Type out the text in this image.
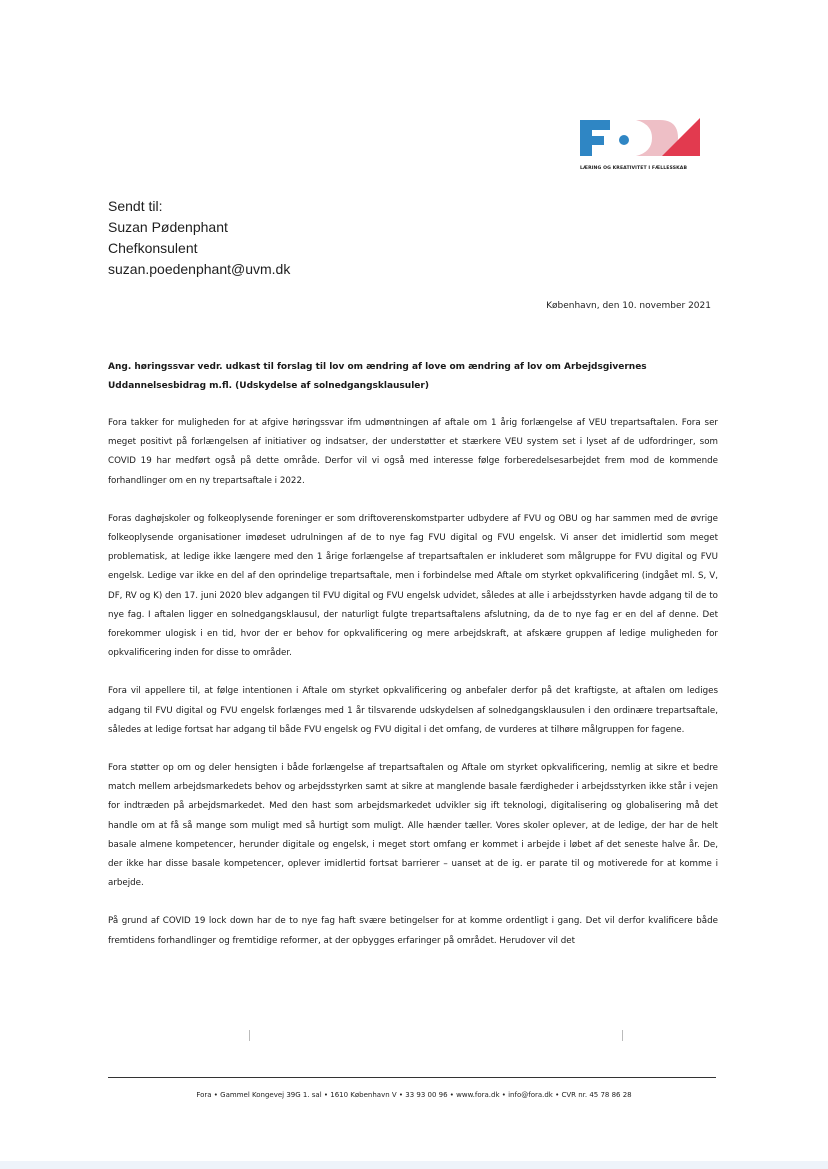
LÆRING OG KREATIVITET I FÆLLESSKAB
Sendt til:
Suzan Pødenphant
Chefkonsulent
suzan.poedenphant@uvm.dk
København, den 10. november 2021

Ang. høringssvar vedr. udkast til forslag til lov om ændring af love om ændring af lov om Arbejdsgivernes Uddannelsesbidrag m.fl. (Udskydelse af solnedgangsklausuler)

Fora takker for muligheden for at afgive høringssvar ifm udmøntningen af aftale om 1 årig forlængelse af VEU trepartsaftalen. Fora ser meget positivt på forlængelsen af initiativer og indsatser, der understøtter et stærkere VEU system set i lyset af de udfordringer, som COVID 19 har medført også på dette område. Derfor vil vi også med interesse følge forberedelsesarbejdet frem mod de kommende forhandlinger om en ny trepartsaftale i 2022.

Foras daghøjskoler og folkeoplysende foreninger er som driftoverenskomstparter udbydere af FVU og OBU og har sammen med de øvrige folkeoplysende organisationer imødeset udrulningen af de to nye fag FVU digital og FVU engelsk. Vi anser det imidlertid som meget problematisk, at ledige ikke længere med den 1 årige forlængelse af trepartsaftalen er inkluderet som målgruppe for FVU digital og FVU engelsk. Ledige var ikke en del af den oprindelige trepartsaftale, men i forbindelse med Aftale om styrket opkvalificering (indgået ml. S, V, DF, RV og K) den 17. juni 2020 blev adgangen til FVU digital og FVU engelsk udvidet, således at alle i arbejdsstyrken havde adgang til de to nye fag. I aftalen ligger en solnedgangsklausul, der naturligt fulgte trepartsaftalens afslutning, da de to nye fag er en del af denne. Det forekommer ulogisk i en tid, hvor der er behov for opkvalificering og mere arbejdskraft, at afskære gruppen af ledige muligheden for opkvalificering inden for disse to områder.

Fora vil appellere til, at følge intentionen i Aftale om styrket opkvalificering og anbefaler derfor på det kraftigste, at aftalen om lediges adgang til FVU digital og FVU engelsk forlænges med 1 år tilsvarende udskydelsen af solnedgangsklausulen i den ordinære trepartsaftale, således at ledige fortsat har adgang til både FVU engelsk og FVU digital i det omfang, de vurderes at tilhøre målgruppen for fagene.

Fora støtter op om og deler hensigten i både forlængelse af trepartsaftalen og Aftale om styrket opkvalificering, nemlig at sikre et bedre match mellem arbejdsmarkedets behov og arbejdsstyrken samt at sikre at manglende basale færdigheder i arbejdsstyrken ikke står i vejen for indtræden på arbejdsmarkedet. Med den hast som arbejdsmarkedet udvikler sig ift teknologi, digitalisering og globalisering må det handle om at få så mange som muligt med så hurtigt som muligt. Alle hænder tæller. Vores skoler oplever, at de ledige, der har de helt basale almene kompetencer, herunder digitale og engelsk, i meget stort omfang er kommet i arbejde i løbet af det seneste halve år. De, der ikke har disse basale kompetencer, oplever imidlertid fortsat barrierer – uanset at de ig. er parate til og motiverede for at komme i arbejde.

På grund af COVID 19 lock down har de to nye fag haft svære betingelser for at komme ordentligt i gang. Det vil derfor kvalificere både fremtidens forhandlinger og fremtidige reformer, at der opbygges erfaringer på området. Herudover vil det

Fora • Gammel Kongevej 39G 1. sal • 1610 København V • 33 93 00 96 • www.fora.dk • info@fora.dk • CVR nr. 45 78 86 28
